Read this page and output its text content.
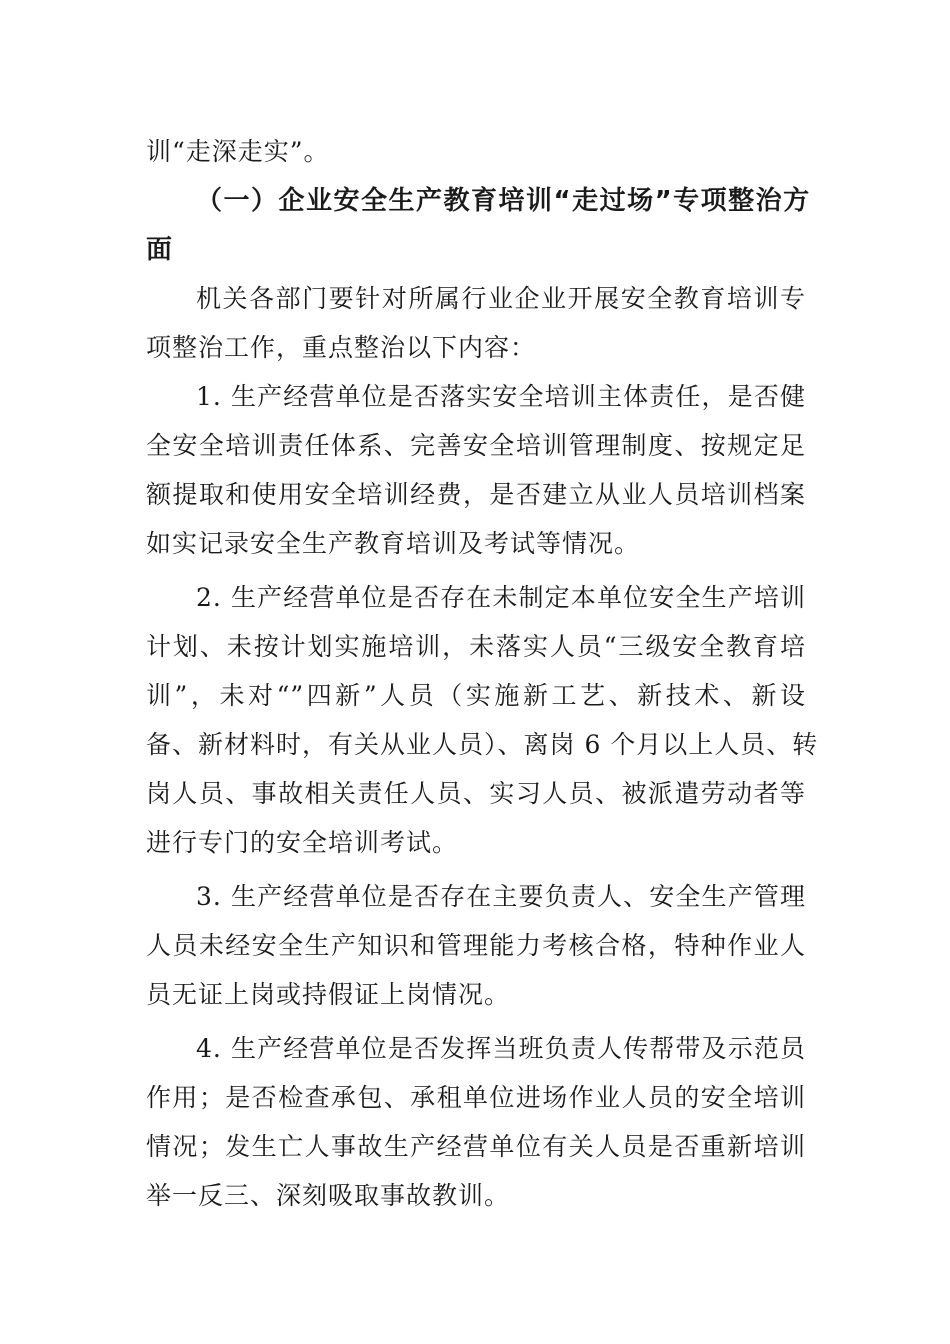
训“走深走实”。
（一）企业安全生产教育培训“走过场”专项整治方
面
机关各部门要针对所属行业企业开展安全教育培训专
项整治工作，重点整治以下内容：
1. 生产经营单位是否落实安全培训主体责任，是否健
全安全培训责任体系、完善安全培训管理制度、按规定足
额提取和使用安全培训经费，是否建立从业人员培训档案
如实记录安全生产教育培训及考试等情况。
2. 生产经营单位是否存在未制定本单位安全生产培训
计划、未按计划实施培训，未落实人员“三级安全教育培
训”，未对“”四新”人员（实施新工艺、新技术、新设
备、新材料时，有关从业人员）、离岗 6 个月以上人员、转
岗人员、事故相关责任人员、实习人员、被派遣劳动者等
进行专门的安全培训考试。
3. 生产经营单位是否存在主要负责人、安全生产管理
人员未经安全生产知识和管理能力考核合格，特种作业人
员无证上岗或持假证上岗情况。
4. 生产经营单位是否发挥当班负责人传帮带及示范员
作用；是否检查承包、承租单位进场作业人员的安全培训
情况；发生亡人事故生产经营单位有关人员是否重新培训
举一反三、深刻吸取事故教训。
